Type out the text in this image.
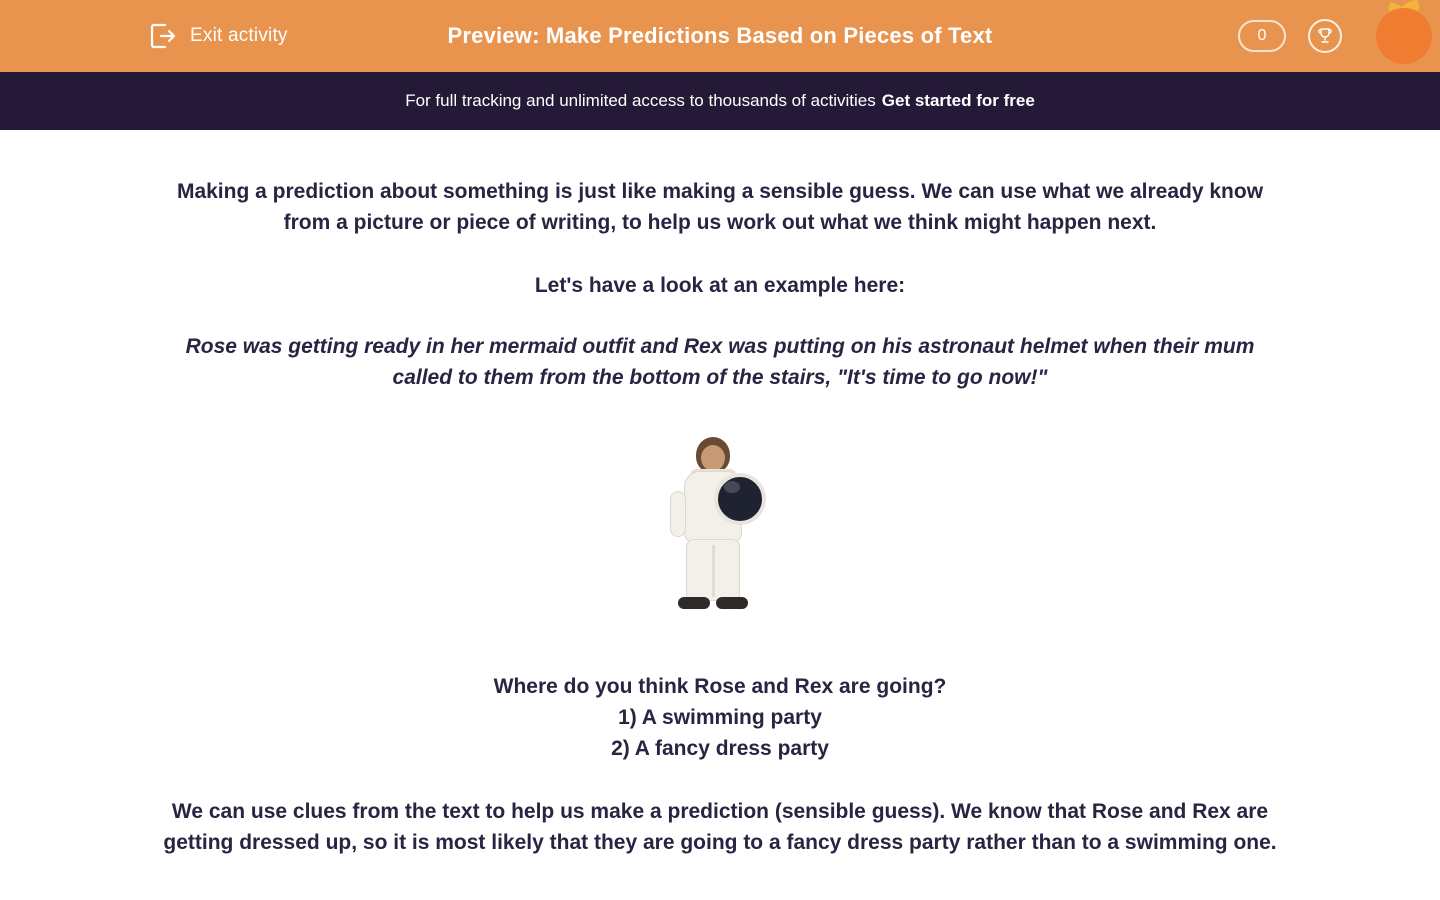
Exit activity	Preview: Make Predictions Based on Pieces of Text	0
For full tracking and unlimited access to thousands of activities Get started for free
Making a prediction about something is just like making a sensible guess. We can use what we already know from a picture or piece of writing, to help us work out what we think might happen next.
Let's have a look at an example here:
Rose was getting ready in her mermaid outfit and Rex was putting on his astronaut helmet when their mum called to them from the bottom of the stairs, "It's time to go now!"
Where do you think Rose and Rex are going?
1) A swimming party
2) A fancy dress party
We can use clues from the text to help us make a prediction (sensible guess). We know that Rose and Rex are getting dressed up, so it is most likely that they are going to a fancy dress party rather than to a swimming one.
